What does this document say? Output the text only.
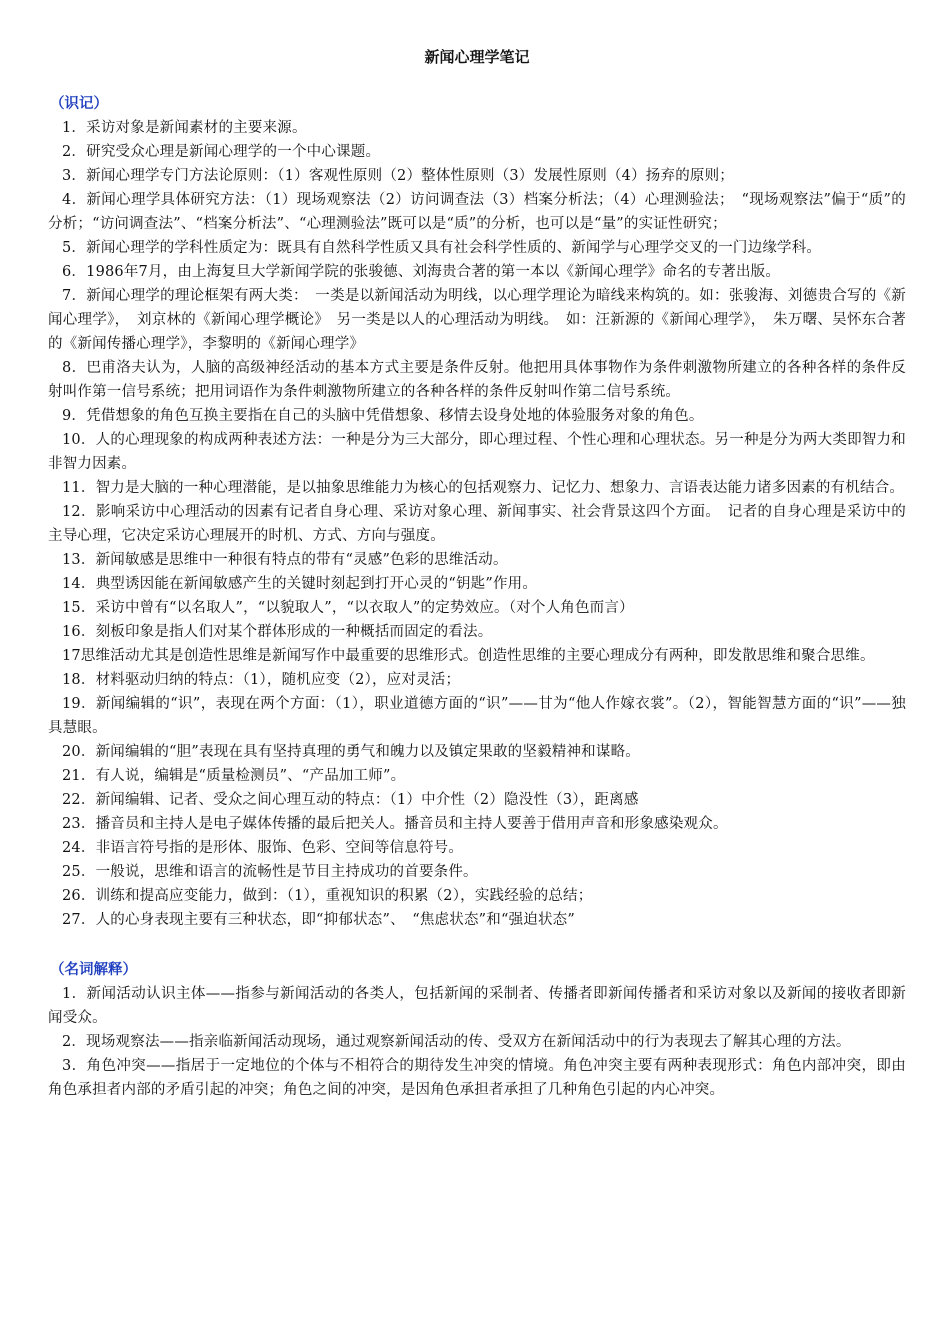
新闻心理学笔记

（识记）

1．采访对象是新闻素材的主要来源。

2．研究受众心理是新闻心理学的一个中心课题。

3．新闻心理学专门方法论原则：（1）客观性原则（2）整体性原则（3）发展性原则（4）扬弃的原则；

4．新闻心理学具体研究方法：（1）现场观察法（2）访问调查法（3）档案分析法；（4）心理测验法；　“现场观察法”偏于“质”的分析；“访问调查法”、“档案分析法”、“心理测验法”既可以是“质”的分析，也可以是“量”的实证性研究；

5．新闻心理学的学科性质定为：既具有自然科学性质又具有社会科学性质的、新闻学与心理学交叉的一门边缘学科。

6．1986年7月，由上海复旦大学新闻学院的张骏德、刘海贵合著的第一本以《新闻心理学》命名的专著出版。

7．新闻心理学的理论框架有两大类：　一类是以新闻活动为明线，以心理学理论为暗线来构筑的。如：张骏海、刘德贵合写的《新闻心理学》，　刘京林的《新闻心理学概论》　另一类是以人的心理活动为明线。　如：汪新源的《新闻心理学》，　朱万曙、吴怀东合著的《新闻传播心理学》，李黎明的《新闻心理学》

8．巴甫洛夫认为，人脑的高级神经活动的基本方式主要是条件反射。他把用具体事物作为条件刺激物所建立的各种各样的条件反射叫作第一信号系统；把用词语作为条件刺激物所建立的各种各样的条件反射叫作第二信号系统。

9．凭借想象的角色互换主要指在自己的头脑中凭借想象、移情去设身处地的体验服务对象的角色。

10．人的心理现象的构成两种表述方法：一种是分为三大部分，即心理过程、个性心理和心理状态。另一种是分为两大类即智力和非智力因素。

11．智力是大脑的一种心理潜能，是以抽象思维能力为核心的包括观察力、记忆力、想象力、言语表达能力诸多因素的有机结合。

12．影响采访中心理活动的因素有记者自身心理、采访对象心理、新闻事实、社会背景这四个方面。　记者的自身心理是采访中的主导心理，它决定采访心理展开的时机、方式、方向与强度。

13．新闻敏感是思维中一种很有特点的带有“灵感”色彩的思维活动。

14．典型诱因能在新闻敏感产生的关键时刻起到打开心灵的“钥匙”作用。

15．采访中曾有“以名取人”，“以貌取人”，“以衣取人”的定势效应。（对个人角色而言）

16．刻板印象是指人们对某个群体形成的一种概括而固定的看法。

17思维活动尤其是创造性思维是新闻写作中最重要的思维形式。创造性思维的主要心理成分有两种，即发散思维和聚合思维。

18．材料驱动归纳的特点：（1），随机应变（2），应对灵活；

19．新闻编辑的“识”，表现在两个方面：（1），职业道德方面的“识”——甘为“他人作嫁衣裳”。（2），智能智慧方面的“识”——独具慧眼。

20．新闻编辑的“胆”表现在具有坚持真理的勇气和魄力以及镇定果敢的坚毅精神和谋略。

21．有人说，编辑是“质量检测员”、“产品加工师”。

22．新闻编辑、记者、受众之间心理互动的特点：（1）中介性（2）隐没性（3），距离感

23．播音员和主持人是电子媒体传播的最后把关人。播音员和主持人要善于借用声音和形象感染观众。

24．非语言符号指的是形体、服饰、色彩、空间等信息符号。

25．一般说，思维和语言的流畅性是节目主持成功的首要条件。

26．训练和提高应变能力，做到：（1），重视知识的积累（2），实践经验的总结；

27．人的心身表现主要有三种状态，即“抑郁状态”、　“焦虑状态”和“强迫状态”

（名词解释）

1．新闻活动认识主体——指参与新闻活动的各类人，包括新闻的采制者、传播者即新闻传播者和采访对象以及新闻的接收者即新闻受众。

2．现场观察法——指亲临新闻活动现场，通过观察新闻活动的传、受双方在新闻活动中的行为表现去了解其心理的方法。

3．角色冲突——指居于一定地位的个体与不相符合的期待发生冲突的情境。角色冲突主要有两种表现形式：角色内部冲突，即由角色承担者内部的矛盾引起的冲突；角色之间的冲突，是因角色承担者承担了几种角色引起的内心冲突。
